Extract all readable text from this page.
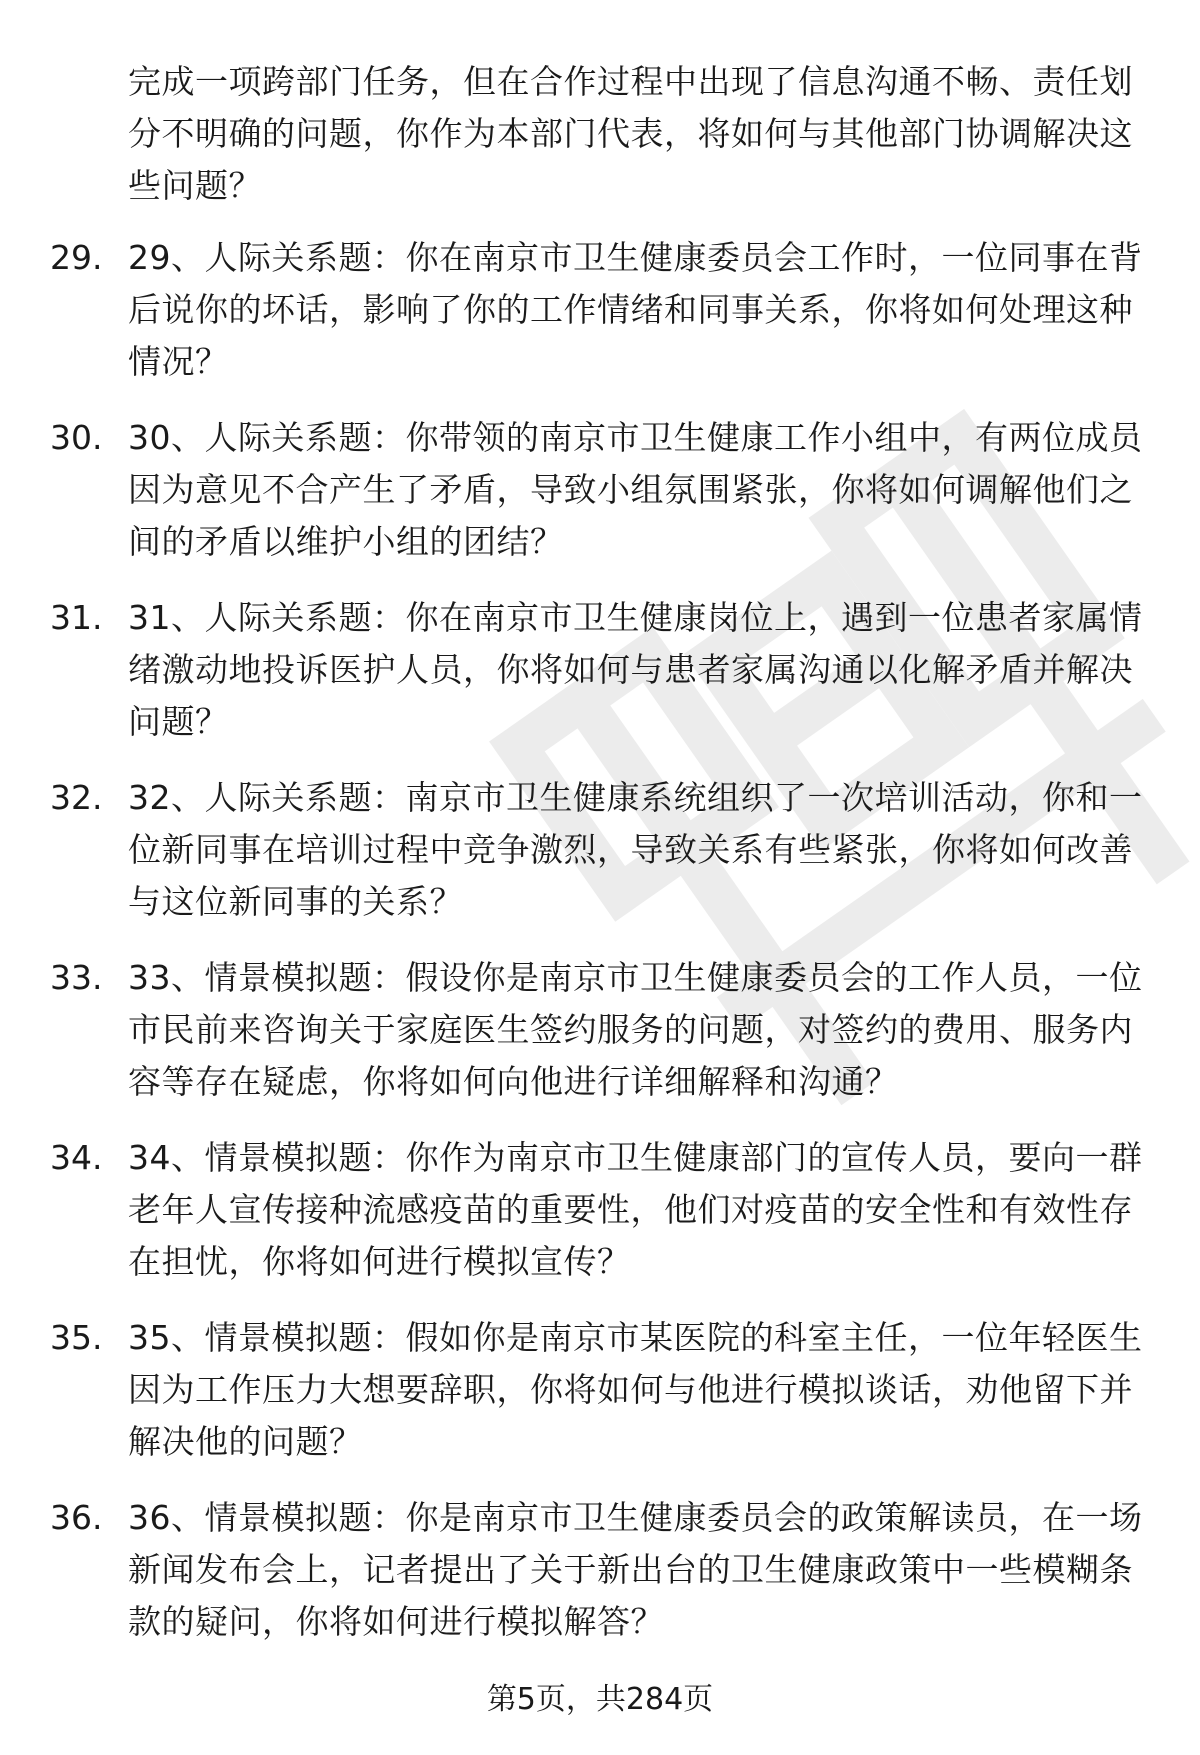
完成一项跨部门任务，但在合作过程中出现了信息沟通不畅、责任划分不明确的问题，你作为本部门代表，将如何与其他部门协调解决这些问题？
29. 29、人际关系题：你在南京市卫生健康委员会工作时，一位同事在背后说你的坏话，影响了你的工作情绪和同事关系，你将如何处理这种情况？
30. 30、人际关系题：你带领的南京市卫生健康工作小组中，有两位成员因为意见不合产生了矛盾，导致小组氛围紧张，你将如何调解他们之间的矛盾以维护小组的团结？
31. 31、人际关系题：你在南京市卫生健康岗位上，遇到一位患者家属情绪激动地投诉医护人员，你将如何与患者家属沟通以化解矛盾并解决问题？
32. 32、人际关系题：南京市卫生健康系统组织了一次培训活动，你和一位新同事在培训过程中竞争激烈，导致关系有些紧张，你将如何改善与这位新同事的关系？
33. 33、情景模拟题：假设你是南京市卫生健康委员会的工作人员，一位市民前来咨询关于家庭医生签约服务的问题，对签约的费用、服务内容等存在疑虑，你将如何向他进行详细解释和沟通？
34. 34、情景模拟题：你作为南京市卫生健康部门的宣传人员，要向一群老年人宣传接种流感疫苗的重要性，他们对疫苗的安全性和有效性存在担忧，你将如何进行模拟宣传？
35. 35、情景模拟题：假如你是南京市某医院的科室主任，一位年轻医生因为工作压力大想要辞职，你将如何与他进行模拟谈话，劝他留下并解决他的问题？
36. 36、情景模拟题：你是南京市卫生健康委员会的政策解读员，在一场新闻发布会上，记者提出了关于新出台的卫生健康政策中一些模糊条款的疑问，你将如何进行模拟解答？
第5页，共284页
